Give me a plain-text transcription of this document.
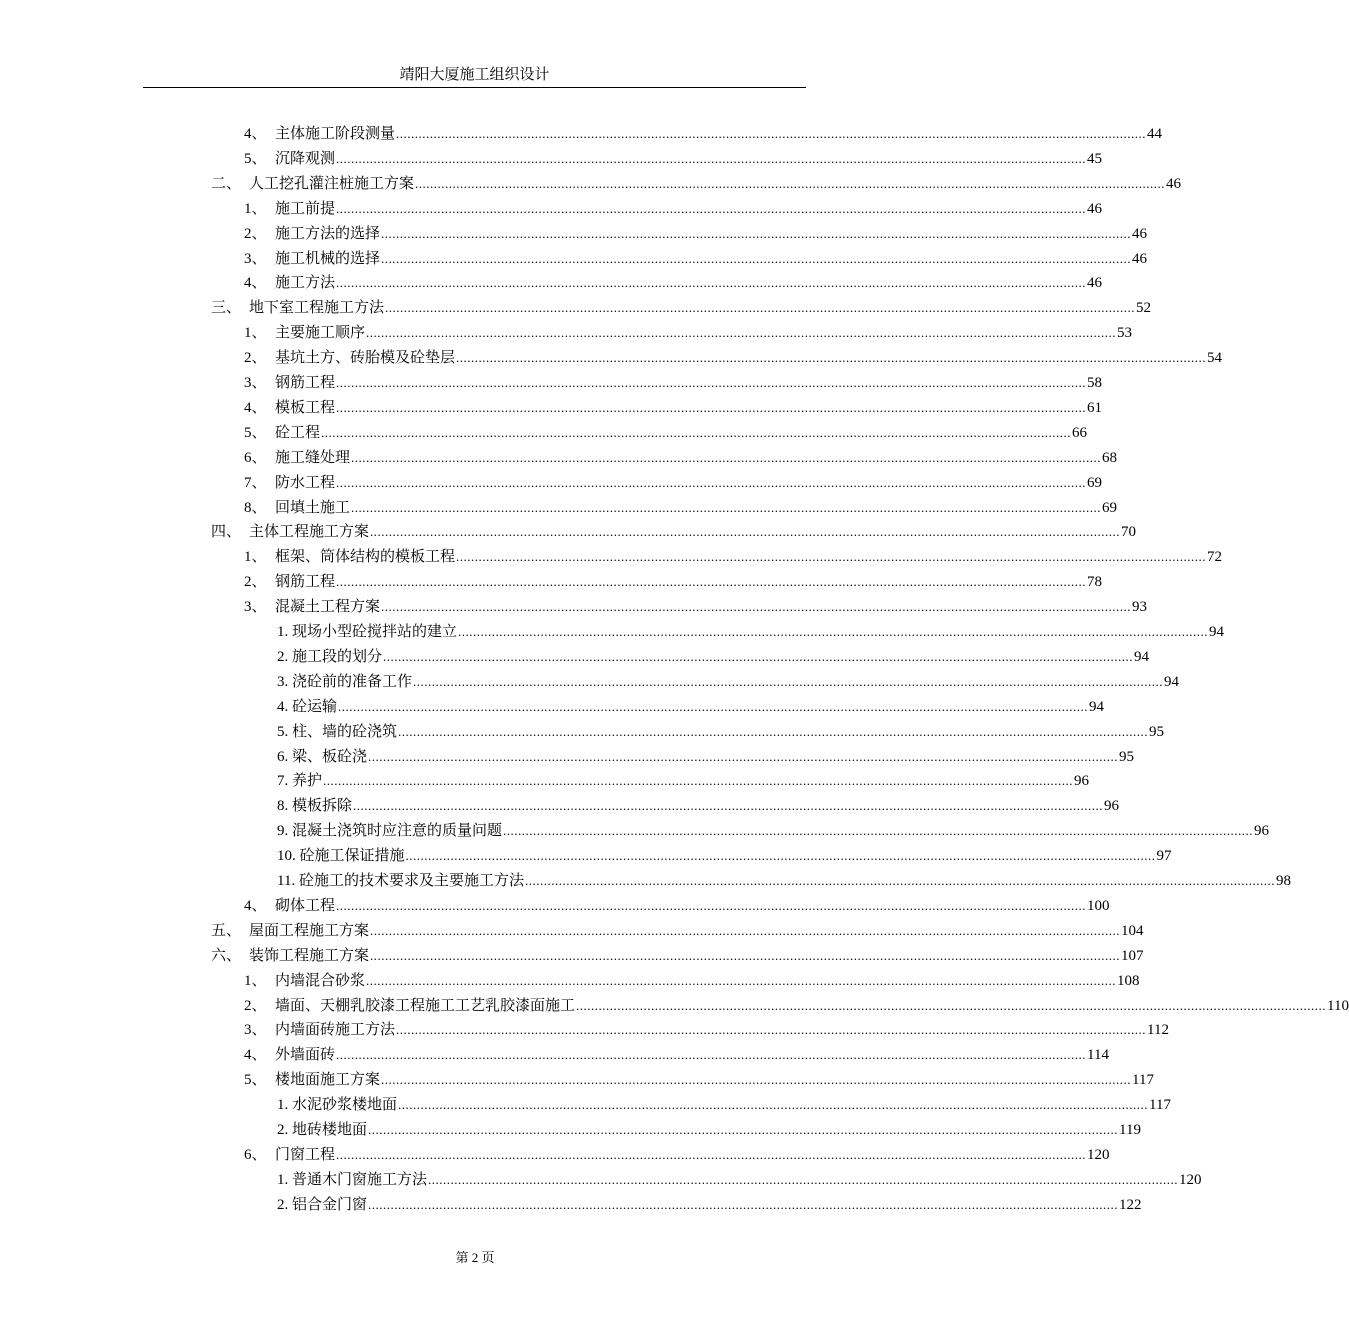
靖阳大厦施工组织设计
4、 主体施工阶段测量 ........................................................................................................................................................................................................ 44
5、 沉降观测 ........................................................................................................................................................................................................ 45
二、 人工挖孔灌注桩施工方案 ........................................................................................................................................................................................................ 46
1、 施工前提 ........................................................................................................................................................................................................ 46
2、 施工方法的选择 ........................................................................................................................................................................................................ 46
3、 施工机械的选择 ........................................................................................................................................................................................................ 46
4、 施工方法 ........................................................................................................................................................................................................ 46
三、 地下室工程施工方法 ........................................................................................................................................................................................................ 52
1、 主要施工顺序 ........................................................................................................................................................................................................ 53
2、 基坑土方、砖胎模及砼垫层 ........................................................................................................................................................................................................ 54
3、 钢筋工程 ........................................................................................................................................................................................................ 58
4、 模板工程 ........................................................................................................................................................................................................ 61
5、 砼工程 ........................................................................................................................................................................................................ 66
6、 施工缝处理 ........................................................................................................................................................................................................ 68
7、 防水工程 ........................................................................................................................................................................................................ 69
8、 回填土施工 ........................................................................................................................................................................................................ 69
四、 主体工程施工方案 ........................................................................................................................................................................................................ 70
1、 框架、筒体结构的模板工程 ........................................................................................................................................................................................................ 72
2、 钢筋工程 ........................................................................................................................................................................................................ 78
3、 混凝土工程方案 ........................................................................................................................................................................................................ 93
1. 现场小型砼搅拌站的建立 ........................................................................................................................................................................................................ 94
2. 施工段的划分 ........................................................................................................................................................................................................ 94
3. 浇砼前的准备工作 ........................................................................................................................................................................................................ 94
4. 砼运输 ........................................................................................................................................................................................................ 94
5. 柱、墙的砼浇筑 ........................................................................................................................................................................................................ 95
6. 梁、板砼浇 ........................................................................................................................................................................................................ 95
7. 养护 ........................................................................................................................................................................................................ 96
8. 模板拆除 ........................................................................................................................................................................................................ 96
9. 混凝土浇筑时应注意的质量问题 ........................................................................................................................................................................................................ 96
10. 砼施工保证措施 ........................................................................................................................................................................................................ 97
11. 砼施工的技术要求及主要施工方法 ........................................................................................................................................................................................................ 98
4、 砌体工程 ........................................................................................................................................................................................................ 100
五、 屋面工程施工方案 ........................................................................................................................................................................................................ 104
六、 装饰工程施工方案 ........................................................................................................................................................................................................ 107
1、 内墙混合砂浆 ........................................................................................................................................................................................................ 108
2、 墙面、天棚乳胶漆工程施工工艺乳胶漆面施工 ........................................................................................................................................................................................................ 110
3、 内墙面砖施工方法 ........................................................................................................................................................................................................ 112
4、 外墙面砖 ........................................................................................................................................................................................................ 114
5、 楼地面施工方案 ........................................................................................................................................................................................................ 117
1. 水泥砂浆楼地面 ........................................................................................................................................................................................................ 117
2. 地砖楼地面 ........................................................................................................................................................................................................ 119
6、 门窗工程 ........................................................................................................................................................................................................ 120
1. 普通木门窗施工方法 ........................................................................................................................................................................................................ 120
2. 铝合金门窗 ........................................................................................................................................................................................................ 122
第 2 页
